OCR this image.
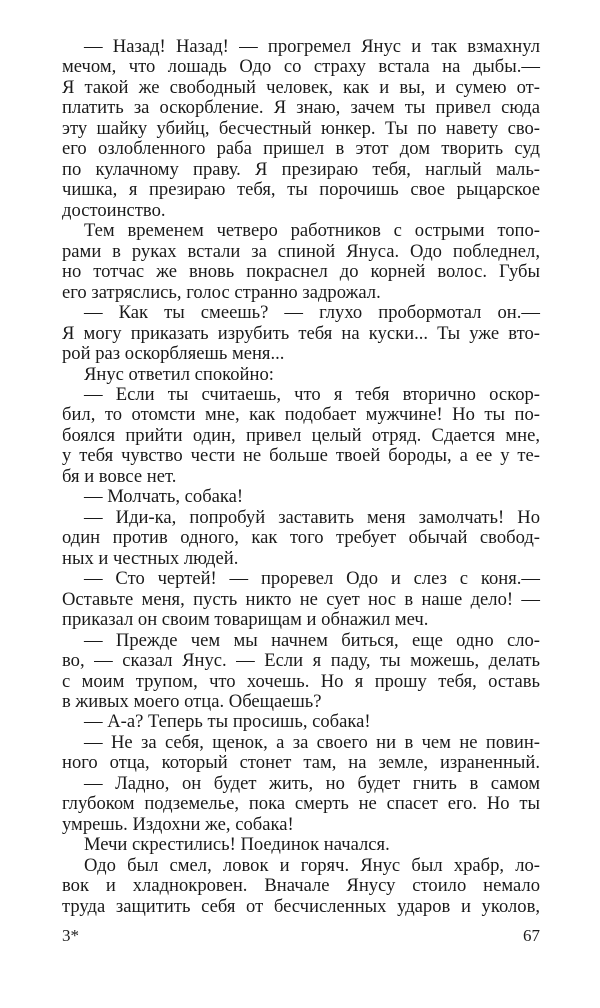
— Назад! Назад! — прогремел Янус и так взмахнул
мечом, что лошадь Одо со страху встала на дыбы.—
Я такой же свободный человек, как и вы, и сумею от-
платить за оскорбление. Я знаю, зачем ты привел сюда
эту шайку убийц, бесчестный юнкер. Ты по навету сво-
его озлобленного раба пришел в этот дом творить суд
по кулачному праву. Я презираю тебя, наглый маль-
чишка, я презираю тебя, ты порочишь свое рыцарское
достоинство.
Тем временем четверо работников с острыми топо-
рами в руках встали за спиной Януса. Одо побледнел,
но тотчас же вновь покраснел до корней волос. Губы
его затряслись, голос странно задрожал.
— Как ты смеешь? — глухо пробормотал он.—
Я могу приказать изрубить тебя на куски... Ты уже вто-
рой раз оскорбляешь меня...
Янус ответил спокойно:
— Если ты считаешь, что я тебя вторично оскор-
бил, то отомсти мне, как подобает мужчине! Но ты по-
боялся прийти один, привел целый отряд. Сдается мне,
у тебя чувство чести не больше твоей бороды, а ее у те-
бя и вовсе нет.
— Молчать, собака!
— Иди-ка, попробуй заставить меня замолчать! Но
один против одного, как того требует обычай свобод-
ных и честных людей.
— Сто чертей! — проревел Одо и слез с коня.—
Оставьте меня, пусть никто не сует нос в наше дело! —
приказал он своим товарищам и обнажил меч.
— Прежде чем мы начнем биться, еще одно сло-
во, — сказал Янус. — Если я паду, ты можешь, делать
с моим трупом, что хочешь. Но я прошу тебя, оставь
в живых моего отца. Обещаешь?
— А-а? Теперь ты просишь, собака!
— Не за себя, щенок, а за своего ни в чем не повин-
ного отца, который стонет там, на земле, израненный.
— Ладно, он будет жить, но будет гнить в самом
глубоком подземелье, пока смерть не спасет его. Но ты
умрешь. Издохни же, собака!
Мечи скрестились! Поединок начался.
Одо был смел, ловок и горяч. Янус был храбр, ло-
вок и хладнокровен. Вначале Янусу стоило немало
труда защитить себя от бесчисленных ударов и уколов,
3*	67
